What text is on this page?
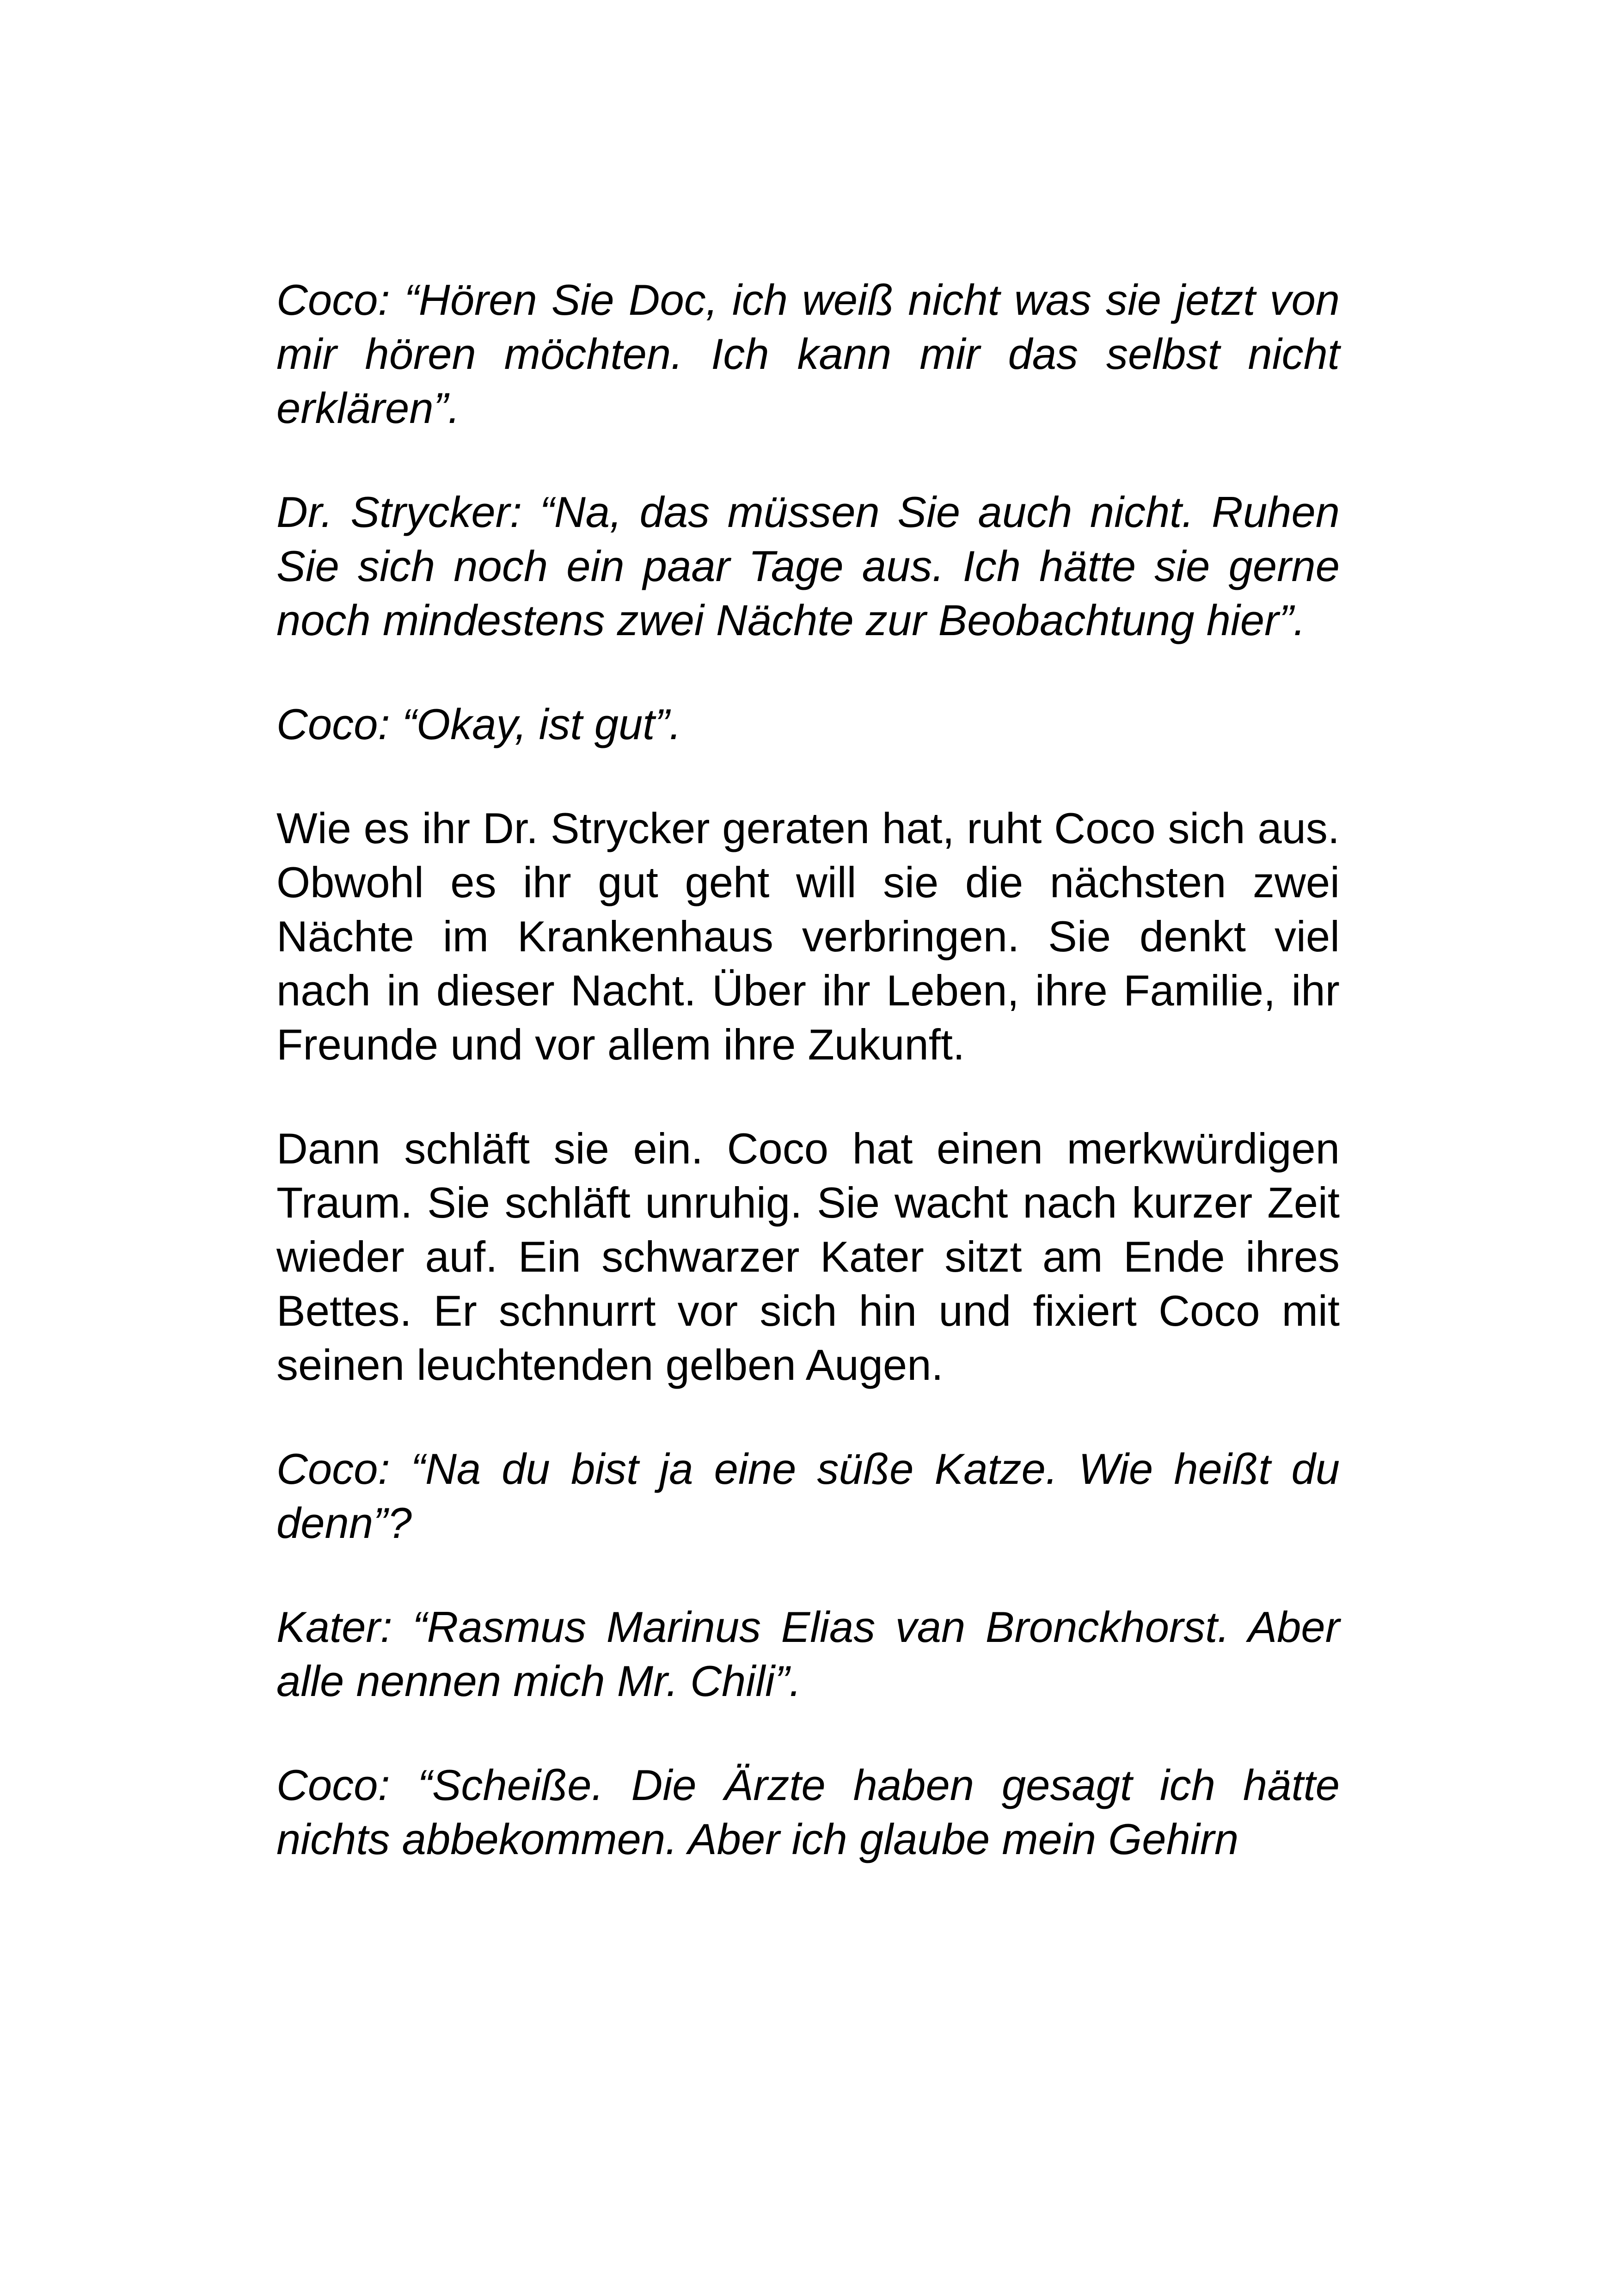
Coco: “Hören Sie Doc, ich weiß nicht was sie jetzt von mir hören möchten. Ich kann mir das selbst nicht erklären”.

Dr. Strycker: “Na, das müssen Sie auch nicht. Ruhen Sie sich noch ein paar Tage aus. Ich hätte sie gerne noch mindestens zwei Nächte zur Beobachtung hier”.

Coco: “Okay, ist gut”.

Wie es ihr Dr. Strycker geraten hat, ruht Coco sich aus. Obwohl es ihr gut geht will sie die nächsten zwei Nächte im Krankenhaus verbringen. Sie denkt viel nach in dieser Nacht. Über ihr Leben, ihre Familie, ihr Freunde und vor allem ihre Zukunft.

Dann schläft sie ein. Coco hat einen merkwürdigen Traum. Sie schläft unruhig. Sie wacht nach kurzer Zeit wieder auf. Ein schwarzer Kater sitzt am Ende ihres Bettes. Er schnurrt vor sich hin und fixiert Coco mit seinen leuchtenden gelben Augen.

Coco: “Na du bist ja eine süße Katze. Wie heißt du denn”?

Kater: “Rasmus Marinus Elias van Bronckhorst. Aber alle nennen mich Mr. Chili”.

Coco: “Scheiße. Die Ärzte haben gesagt ich hätte nichts abbekommen. Aber ich glaube mein Gehirn
